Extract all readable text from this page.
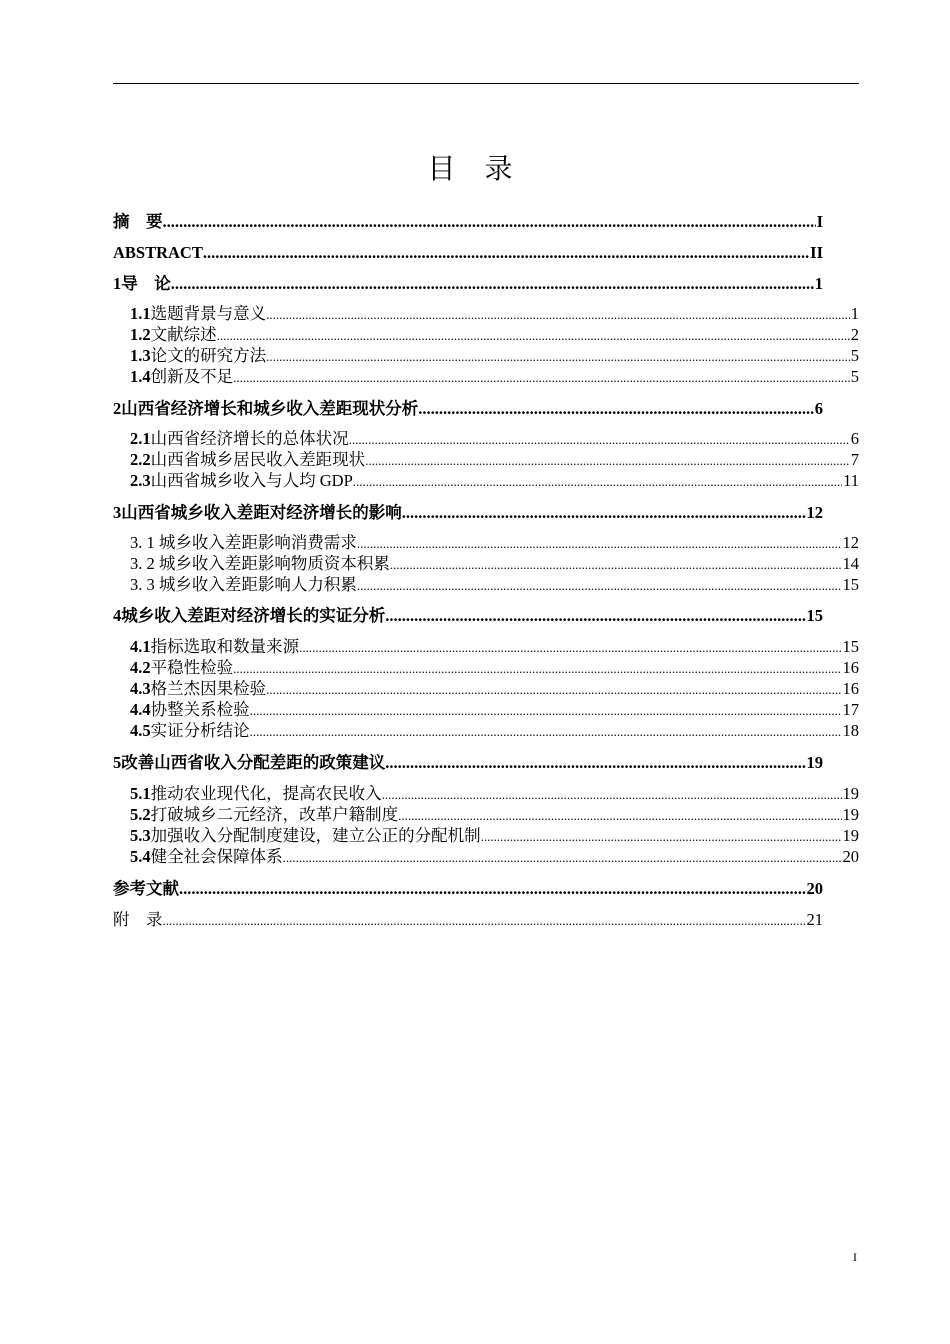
目 录
摘　要 .....	I
ABSTRACT .....	II
1 导　论 .....	1
1.1 选题背景与意义 .....	1
1.2 文献综述 .....	2
1.3 论文的研究方法 .....	5
1.4 创新及不足 .....	5
2 山西省经济增长和城乡收入差距现状分析 .....	6
2.1 山西省经济增长的总体状况 .....	6
2.2 山西省城乡居民收入差距现状 .....	7
2.3 山西省城乡收入与人均 GDP .....	11
3 山西省城乡收入差距对经济增长的影响 .....	12
3. 1 城乡收入差距影响消费需求 .....	12
3. 2 城乡收入差距影响物质资本积累 .....	14
3. 3 城乡收入差距影响人力积累 .....	15
4 城乡收入差距对经济增长的实证分析 .....	15
4.1 指标选取和数量来源 .....	15
4.2 平稳性检验 .....	16
4.3 格兰杰因果检验 .....	16
4.4 协整关系检验 .....	17
4.5 实证分析结论 .....	18
5 改善山西省收入分配差距的政策建议 .....	19
5.1 推动农业现代化，提高农民收入 .....	19
5.2 打破城乡二元经济，改革户籍制度 .....	19
5.3 加强收入分配制度建设，建立公正的分配机制 .....	19
5.4 健全社会保障体系 .....	20
参考文献 .....	20
附　录 .....	21
I
